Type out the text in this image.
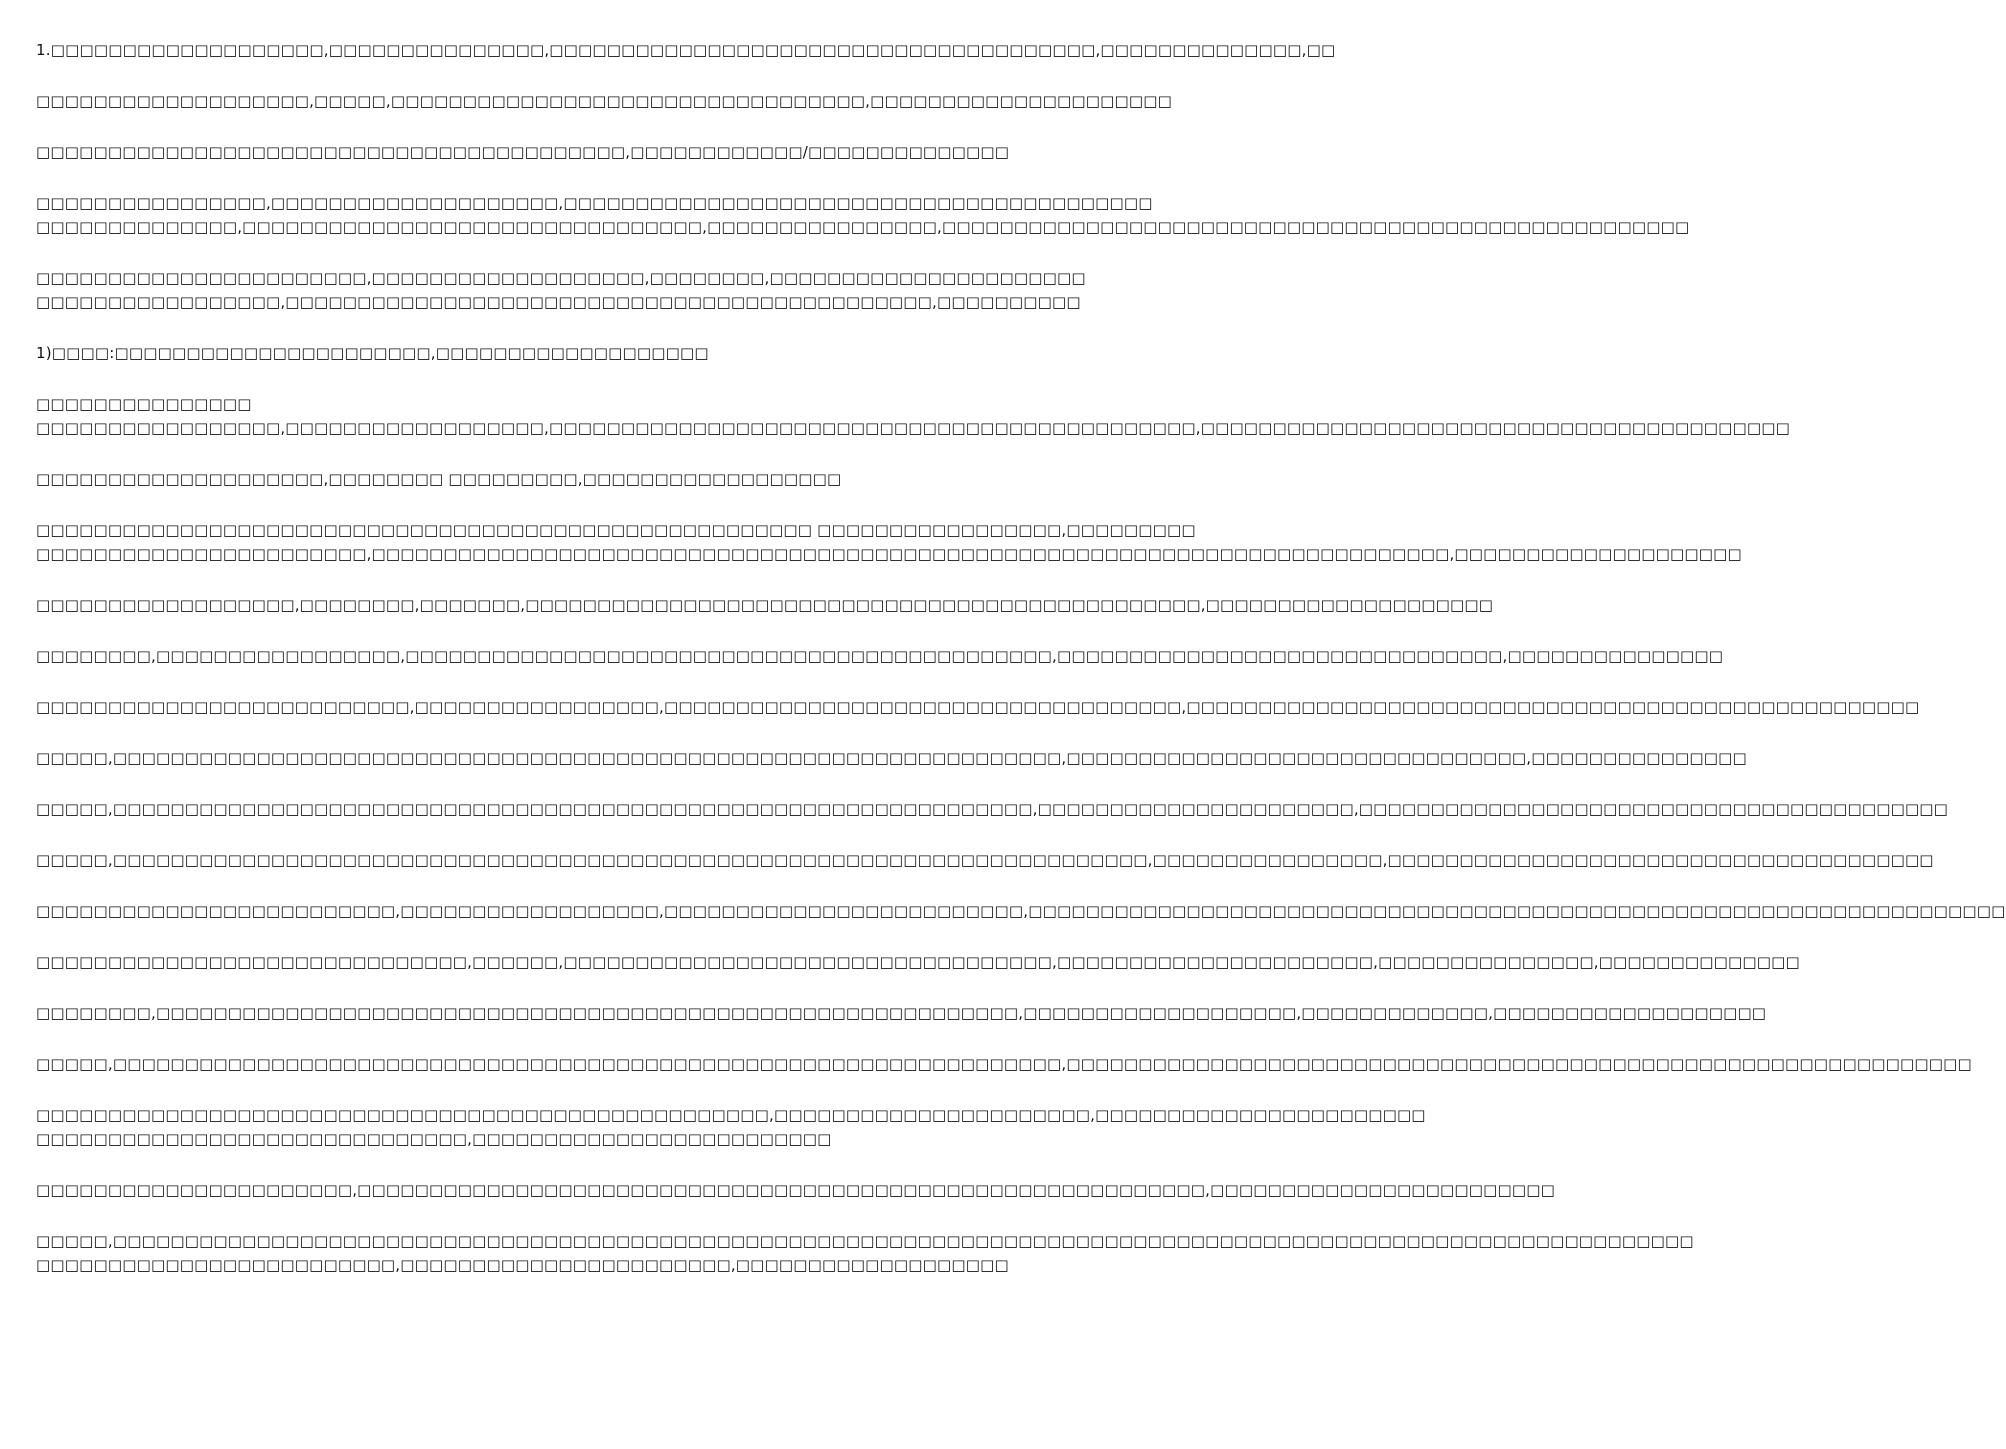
1.□□□□□□□□□□□□□□□□□□□,□□□□□□□□□□□□□□□,□□□□□□□□□□□□□□□□□□□□□□□□□□□□□□□□□□□□□□,□□□□□□□□□□□□□□,□□

□□□□□□□□□□□□□□□□□□□,□□□□□,□□□□□□□□□□□□□□□□□□□□□□□□□□□□□□□□□,□□□□□□□□□□□□□□□□□□□□□

□□□□□□□□□□□□□□□□□□□□□□□□□□□□□□□□□□□□□□□□□,□□□□□□□□□□□□/□□□□□□□□□□□□□□

□□□□□□□□□□□□□□□□,□□□□□□□□□□□□□□□□□□□□,□□□□□□□□□□□□□□□□□□□□□□□□□□□□□□□□□□□□□□□□□
□□□□□□□□□□□□□□,□□□□□□□□□□□□□□□□□□□□□□□□□□□□□□□□,□□□□□□□□□□□□□□□□,□□□□□□□□□□□□□□□□□□□□□□□□□□□□□□□□□□□□□□□□□□□□□□□□□□□□

□□□□□□□□□□□□□□□□□□□□□□□,□□□□□□□□□□□□□□□□□□□,□□□□□□□□,□□□□□□□□□□□□□□□□□□□□□□
□□□□□□□□□□□□□□□□□,□□□□□□□□□□□□□□□□□□□□□□□□□□□□□□□□□□□□□□□□□□□□□,□□□□□□□□□□

1)□□□□:□□□□□□□□□□□□□□□□□□□□□□,□□□□□□□□□□□□□□□□□□□

□□□□□□□□□□□□□□□
□□□□□□□□□□□□□□□□□,□□□□□□□□□□□□□□□□□□,□□□□□□□□□□□□□□□□□□□□□□□□□□□□□□□□□□□□□□□□□□□□□,□□□□□□□□□□□□□□□□□□□□□□□□□□□□□□□□□□□□□□□□□

□□□□□□□□□□□□□□□□□□□□,□□□□□□□□ □□□□□□□□□,□□□□□□□□□□□□□□□□□□

□□□□□□□□□□□□□□□□□□□□□□□□□□□□□□□□□□□□□□□□□□□□□□□□□□□□□□ □□□□□□□□□□□□□□□□□,□□□□□□□□□
□□□□□□□□□□□□□□□□□□□□□□□,□□□□□□□□□□□□□□□□□□□□□□□□□□□□□□□□□□□□□□□□□□□□□□□□□□□□□□□□□□□□□□□□□□□□□□□□□□□,□□□□□□□□□□□□□□□□□□□□

□□□□□□□□□□□□□□□□□□,□□□□□□□□,□□□□□□□,□□□□□□□□□□□□□□□□□□□□□□□□□□□□□□□□□□□□□□□□□□□□□□□,□□□□□□□□□□□□□□□□□□□□

□□□□□□□□,□□□□□□□□□□□□□□□□□,□□□□□□□□□□□□□□□□□□□□□□□□□□□□□□□□□□□□□□□□□□□□□,□□□□□□□□□□□□□□□□□□□□□□□□□□□□□□□,□□□□□□□□□□□□□□□

□□□□□□□□□□□□□□□□□□□□□□□□□□,□□□□□□□□□□□□□□□□□,□□□□□□□□□□□□□□□□□□□□□□□□□□□□□□□□□□□□,□□□□□□□□□□□□□□□□□□□□□□□□□□□□□□□□□□□□□□□□□□□□□□□□□□□

□□□□□,□□□□□□□□□□□□□□□□□□□□□□□□□□□□□□□□□□□□□□□□□□□□□□□□□□□□□□□□□□□□□□□□□□,□□□□□□□□□□□□□□□□□□□□□□□□□□□□□□□□,□□□□□□□□□□□□□□□

□□□□□,□□□□□□□□□□□□□□□□□□□□□□□□□□□□□□□□□□□□□□□□□□□□□□□□□□□□□□□□□□□□□□□□,□□□□□□□□□□□□□□□□□□□□□□,□□□□□□□□□□□□□□□□□□□□□□□□□□□□□□□□□□□□□□□□□

□□□□□,□□□□□□□□□□□□□□□□□□□□□□□□□□□□□□□□□□□□□□□□□□□□□□□□□□□□□□□□□□□□□□□□□□□□□□□□,□□□□□□□□□□□□□□□□,□□□□□□□□□□□□□□□□□□□□□□□□□□□□□□□□□□□□□□

□□□□□□□□□□□□□□□□□□□□□□□□□,□□□□□□□□□□□□□□□□□□,□□□□□□□□□□□□□□□□□□□□□□□□□,□□□□□□□□□□□□□□□□□□□□□□□□□□□□□□□□□□□□□□□□□□□□□□□□□□□□□□□□□□□□□□□□□□□□

□□□□□□□□□□□□□□□□□□□□□□□□□□□□□□,□□□□□□,□□□□□□□□□□□□□□□□□□□□□□□□□□□□□□□□□□,□□□□□□□□□□□□□□□□□□□□□□,□□□□□□□□□□□□□□□,□□□□□□□□□□□□□□

□□□□□□□□,□□□□□□□□□□□□□□□□□□□□□□□□□□□□□□□□□□□□□□□□□□□□□□□□□□□□□□□□□□□□,□□□□□□□□□□□□□□□□□□□,□□□□□□□□□□□□□,□□□□□□□□□□□□□□□□□□□

□□□□□,□□□□□□□□□□□□□□□□□□□□□□□□□□□□□□□□□□□□□□□□□□□□□□□□□□□□□□□□□□□□□□□□□□,□□□□□□□□□□□□□□□□□□□□□□□□□□□□□□□□□□□□□□□□□□□□□□□□□□□□□□□□□□□□□□□

□□□□□□□□□□□□□□□□□□□□□□□□□□□□□□□□□□□□□□□□□□□□□□□□□□□,□□□□□□□□□□□□□□□□□□□□□□,□□□□□□□□□□□□□□□□□□□□□□□
□□□□□□□□□□□□□□□□□□□□□□□□□□□□□□,□□□□□□□□□□□□□□□□□□□□□□□□□

□□□□□□□□□□□□□□□□□□□□□□,□□□□□□□□□□□□□□□□□□□□□□□□□□□□□□□□□□□□□□□□□□□□□□□□□□□□□□□□□□□,□□□□□□□□□□□□□□□□□□□□□□□□

□□□□□,□□□□□□□□□□□□□□□□□□□□□□□□□□□□□□□□□□□□□□□□□□□□□□□□□□□□□□□□□□□□□□□□□□□□□□□□□□□□□□□□□□□□□□□□□□□□□□□□□□□□□□□□□□□□□□
□□□□□□□□□□□□□□□□□□□□□□□□□,□□□□□□□□□□□□□□□□□□□□□□□,□□□□□□□□□□□□□□□□□□□
